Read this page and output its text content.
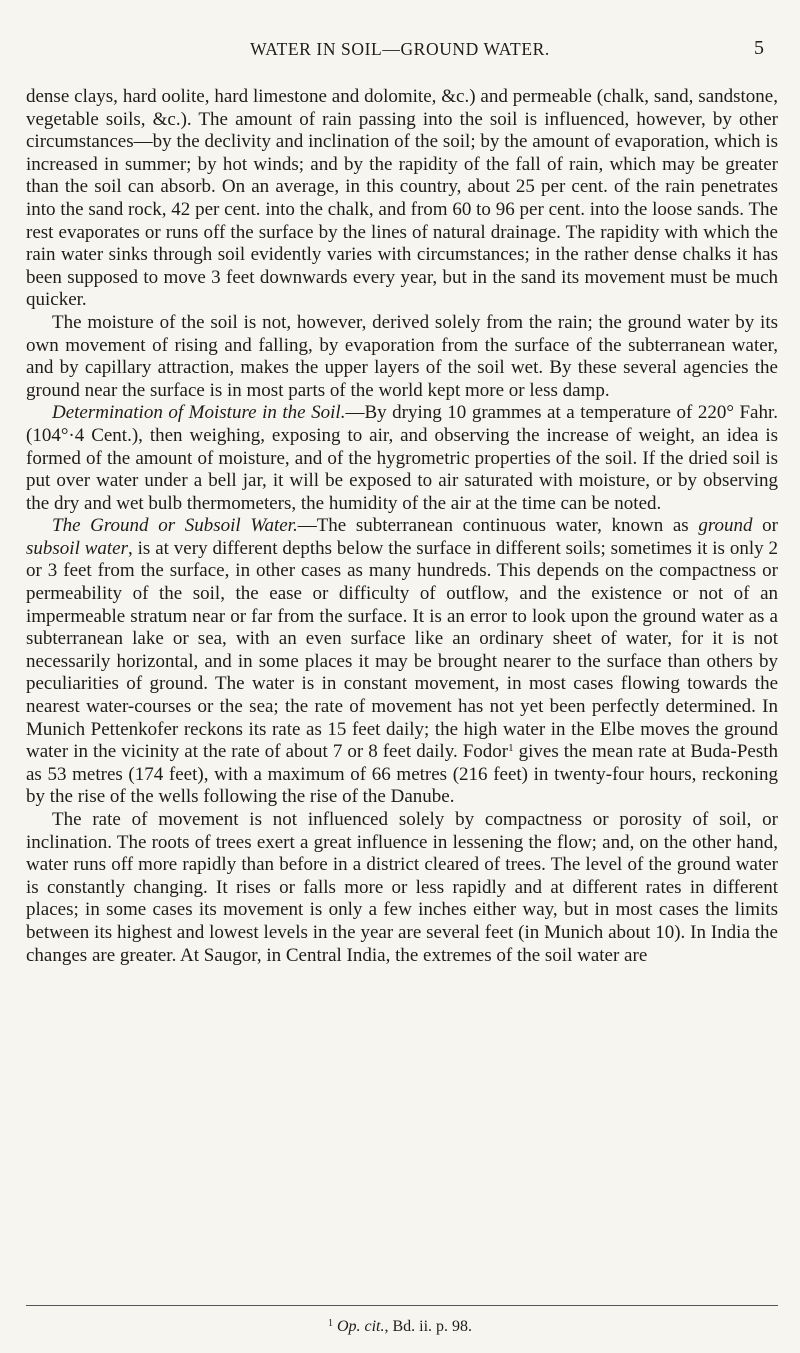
WATER IN SOIL—GROUND WATER.	5

dense clays, hard oolite, hard limestone and dolomite, &c.) and permeable (chalk, sand, sandstone, vegetable soils, &c.). The amount of rain passing into the soil is influenced, however, by other circumstances—by the declivity and inclination of the soil; by the amount of evaporation, which is increased in summer; by hot winds; and by the rapidity of the fall of rain, which may be greater than the soil can absorb. On an average, in this country, about 25 per cent. of the rain penetrates into the sand rock, 42 per cent. into the chalk, and from 60 to 96 per cent. into the loose sands. The rest evaporates or runs off the surface by the lines of natural drainage. The rapidity with which the rain water sinks through soil evidently varies with circumstances; in the rather dense chalks it has been supposed to move 3 feet downwards every year, but in the sand its movement must be much quicker.

The moisture of the soil is not, however, derived solely from the rain; the ground water by its own movement of rising and falling, by evaporation from the surface of the subterranean water, and by capillary attraction, makes the upper layers of the soil wet. By these several agencies the ground near the surface is in most parts of the world kept more or less damp.

Determination of Moisture in the Soil.—By drying 10 grammes at a temperature of 220° Fahr. (104°·4 Cent.), then weighing, exposing to air, and observing the increase of weight, an idea is formed of the amount of moisture, and of the hygrometric properties of the soil. If the dried soil is put over water under a bell jar, it will be exposed to air saturated with moisture, or by observing the dry and wet bulb thermometers, the humidity of the air at the time can be noted.

The Ground or Subsoil Water.—The subterranean continuous water, known as ground or subsoil water, is at very different depths below the surface in different soils; sometimes it is only 2 or 3 feet from the surface, in other cases as many hundreds. This depends on the compactness or permeability of the soil, the ease or difficulty of outflow, and the existence or not of an impermeable stratum near or far from the surface. It is an error to look upon the ground water as a subterranean lake or sea, with an even surface like an ordinary sheet of water, for it is not necessarily horizontal, and in some places it may be brought nearer to the surface than others by peculiarities of ground. The water is in constant movement, in most cases flowing towards the nearest water-courses or the sea; the rate of movement has not yet been perfectly determined. In Munich Pettenkofer reckons its rate as 15 feet daily; the high water in the Elbe moves the ground water in the vicinity at the rate of about 7 or 8 feet daily. Fodor$^1$ gives the mean rate at Buda-Pesth as 53 metres (174 feet), with a maximum of 66 metres (216 feet) in twenty-four hours, reckoning by the rise of the wells following the rise of the Danube.

The rate of movement is not influenced solely by compactness or porosity of soil, or inclination. The roots of trees exert a great influence in lessening the flow; and, on the other hand, water runs off more rapidly than before in a district cleared of trees. The level of the ground water is constantly changing. It rises or falls more or less rapidly and at different rates in different places; in some cases its movement is only a few inches either way, but in most cases the limits between its highest and lowest levels in the year are several feet (in Munich about 10). In India the changes are greater. At Saugor, in Central India, the extremes of the soil water are

$^1$ Op. cit., Bd. ii. p. 98.
